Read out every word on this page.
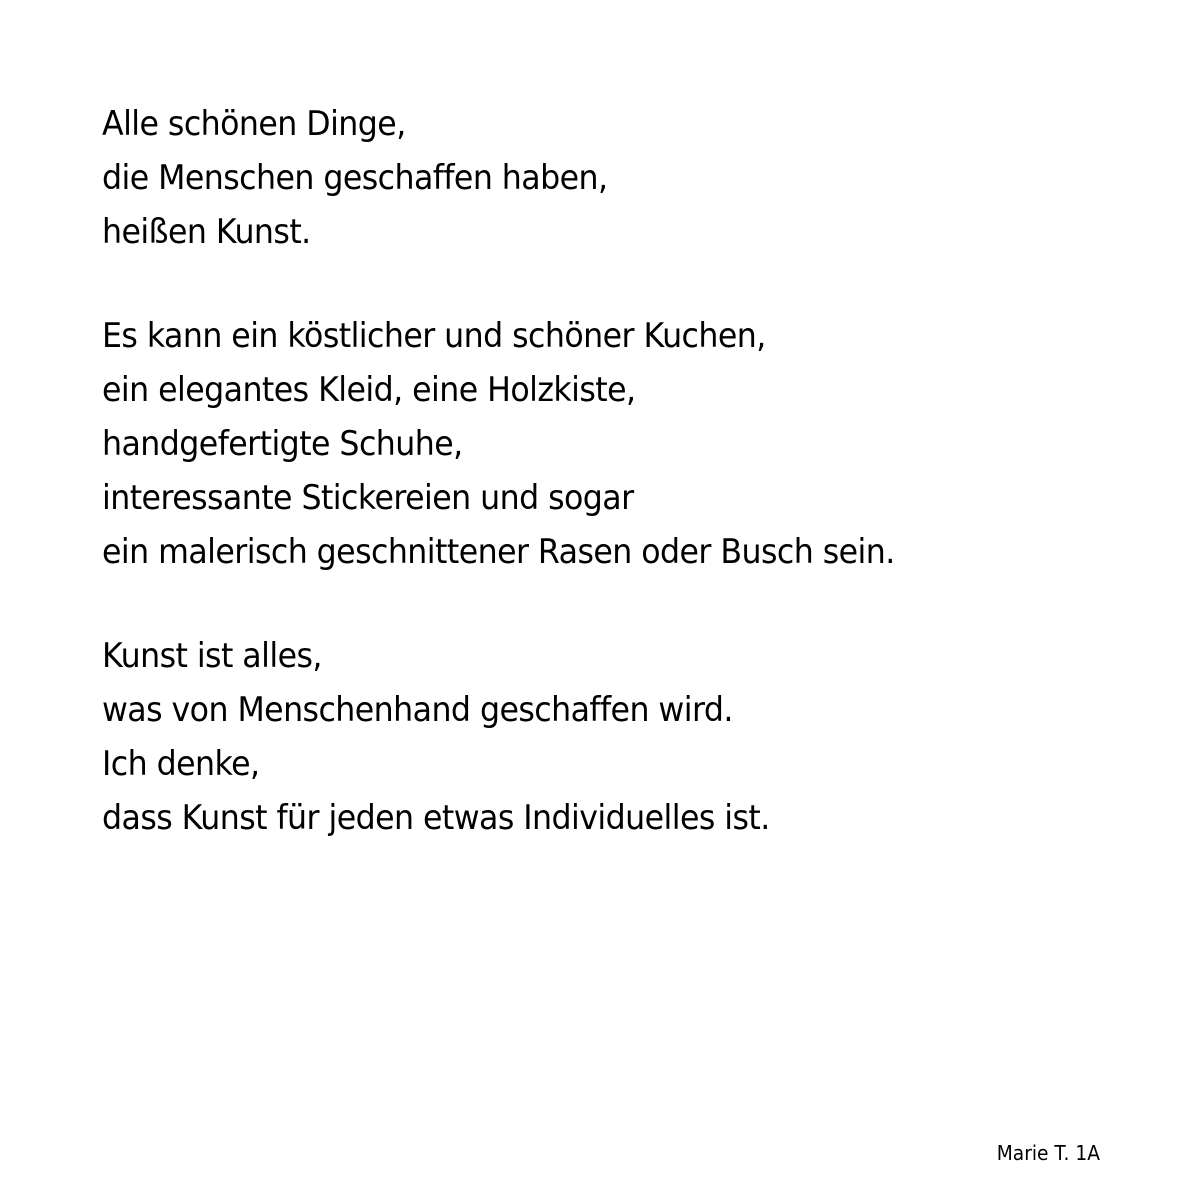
Alle schönen Dinge,
die Menschen geschaffen haben,
heißen Kunst.
Es kann ein köstlicher und schöner Kuchen,
ein elegantes Kleid, eine Holzkiste,
handgefertigte Schuhe,
interessante Stickereien und sogar
ein malerisch geschnittener Rasen oder Busch sein.
Kunst ist alles,
was von Menschenhand geschaffen wird.
Ich denke,
dass Kunst für jeden etwas Individuelles ist.
Marie T. 1A
